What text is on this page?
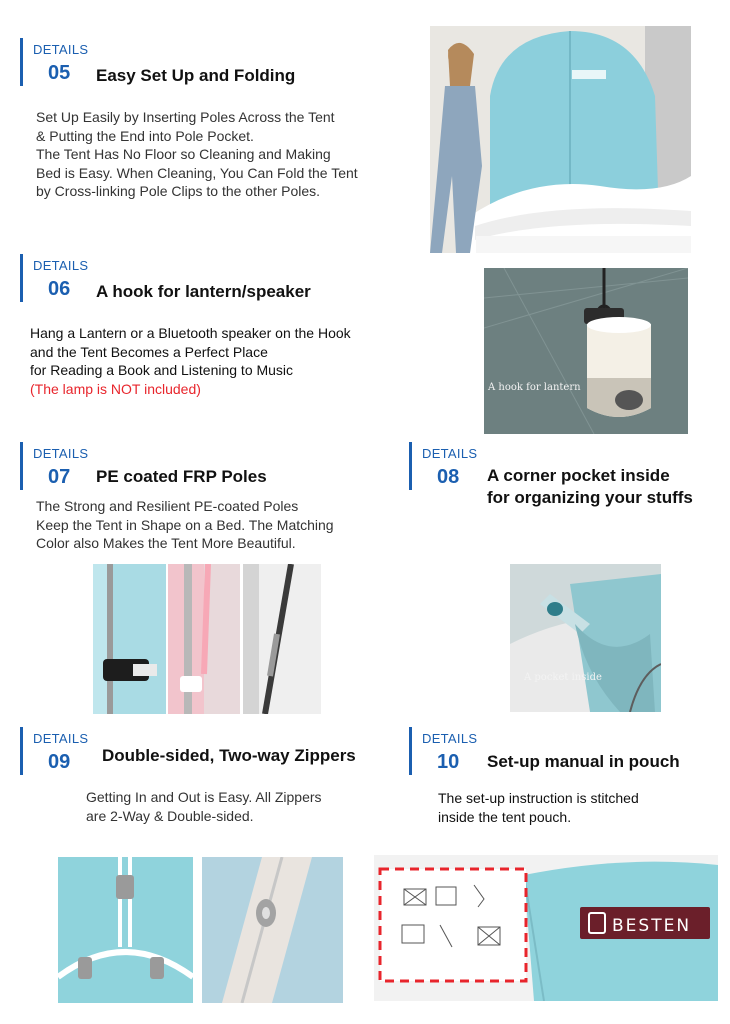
DETAILS
05 Easy Set Up and Folding

Set Up Easily by Inserting Poles Across the Tent

& Putting the End into Pole Pocket.

The Tent Has No Floor so Cleaning and Making

Bed is Easy. When Cleaning, You Can Fold the Tent

by Cross-linking Pole Clips to the other Poles.

DETAILS
06 A hook for lantern/speaker

Hang a Lantern or a Bluetooth speaker on the Hook

and the Tent Becomes a Perfect Place

for Reading a Book and Listening to Music

(The lamp is NOT included)	A hook for lantern
DETAILS
07 PE coated FRP Poles

The Strong and Resilient PE-coated Poles

Keep the Tent in Shape on a Bed. The Matching

Color also Makes the Tent More Beautiful.

DETAILS
08 A corner pocket inside
for organizing your stuffs
A pocket inside
DETAILS
09 Double-sided, Two-way Zippers

Getting In and Out is Easy. All Zippers

are 2-Way & Double-sided.

DETAILS
10 Set-up manual in pouch

The set-up instruction is stitched

inside the tent pouch.

BESTEN
